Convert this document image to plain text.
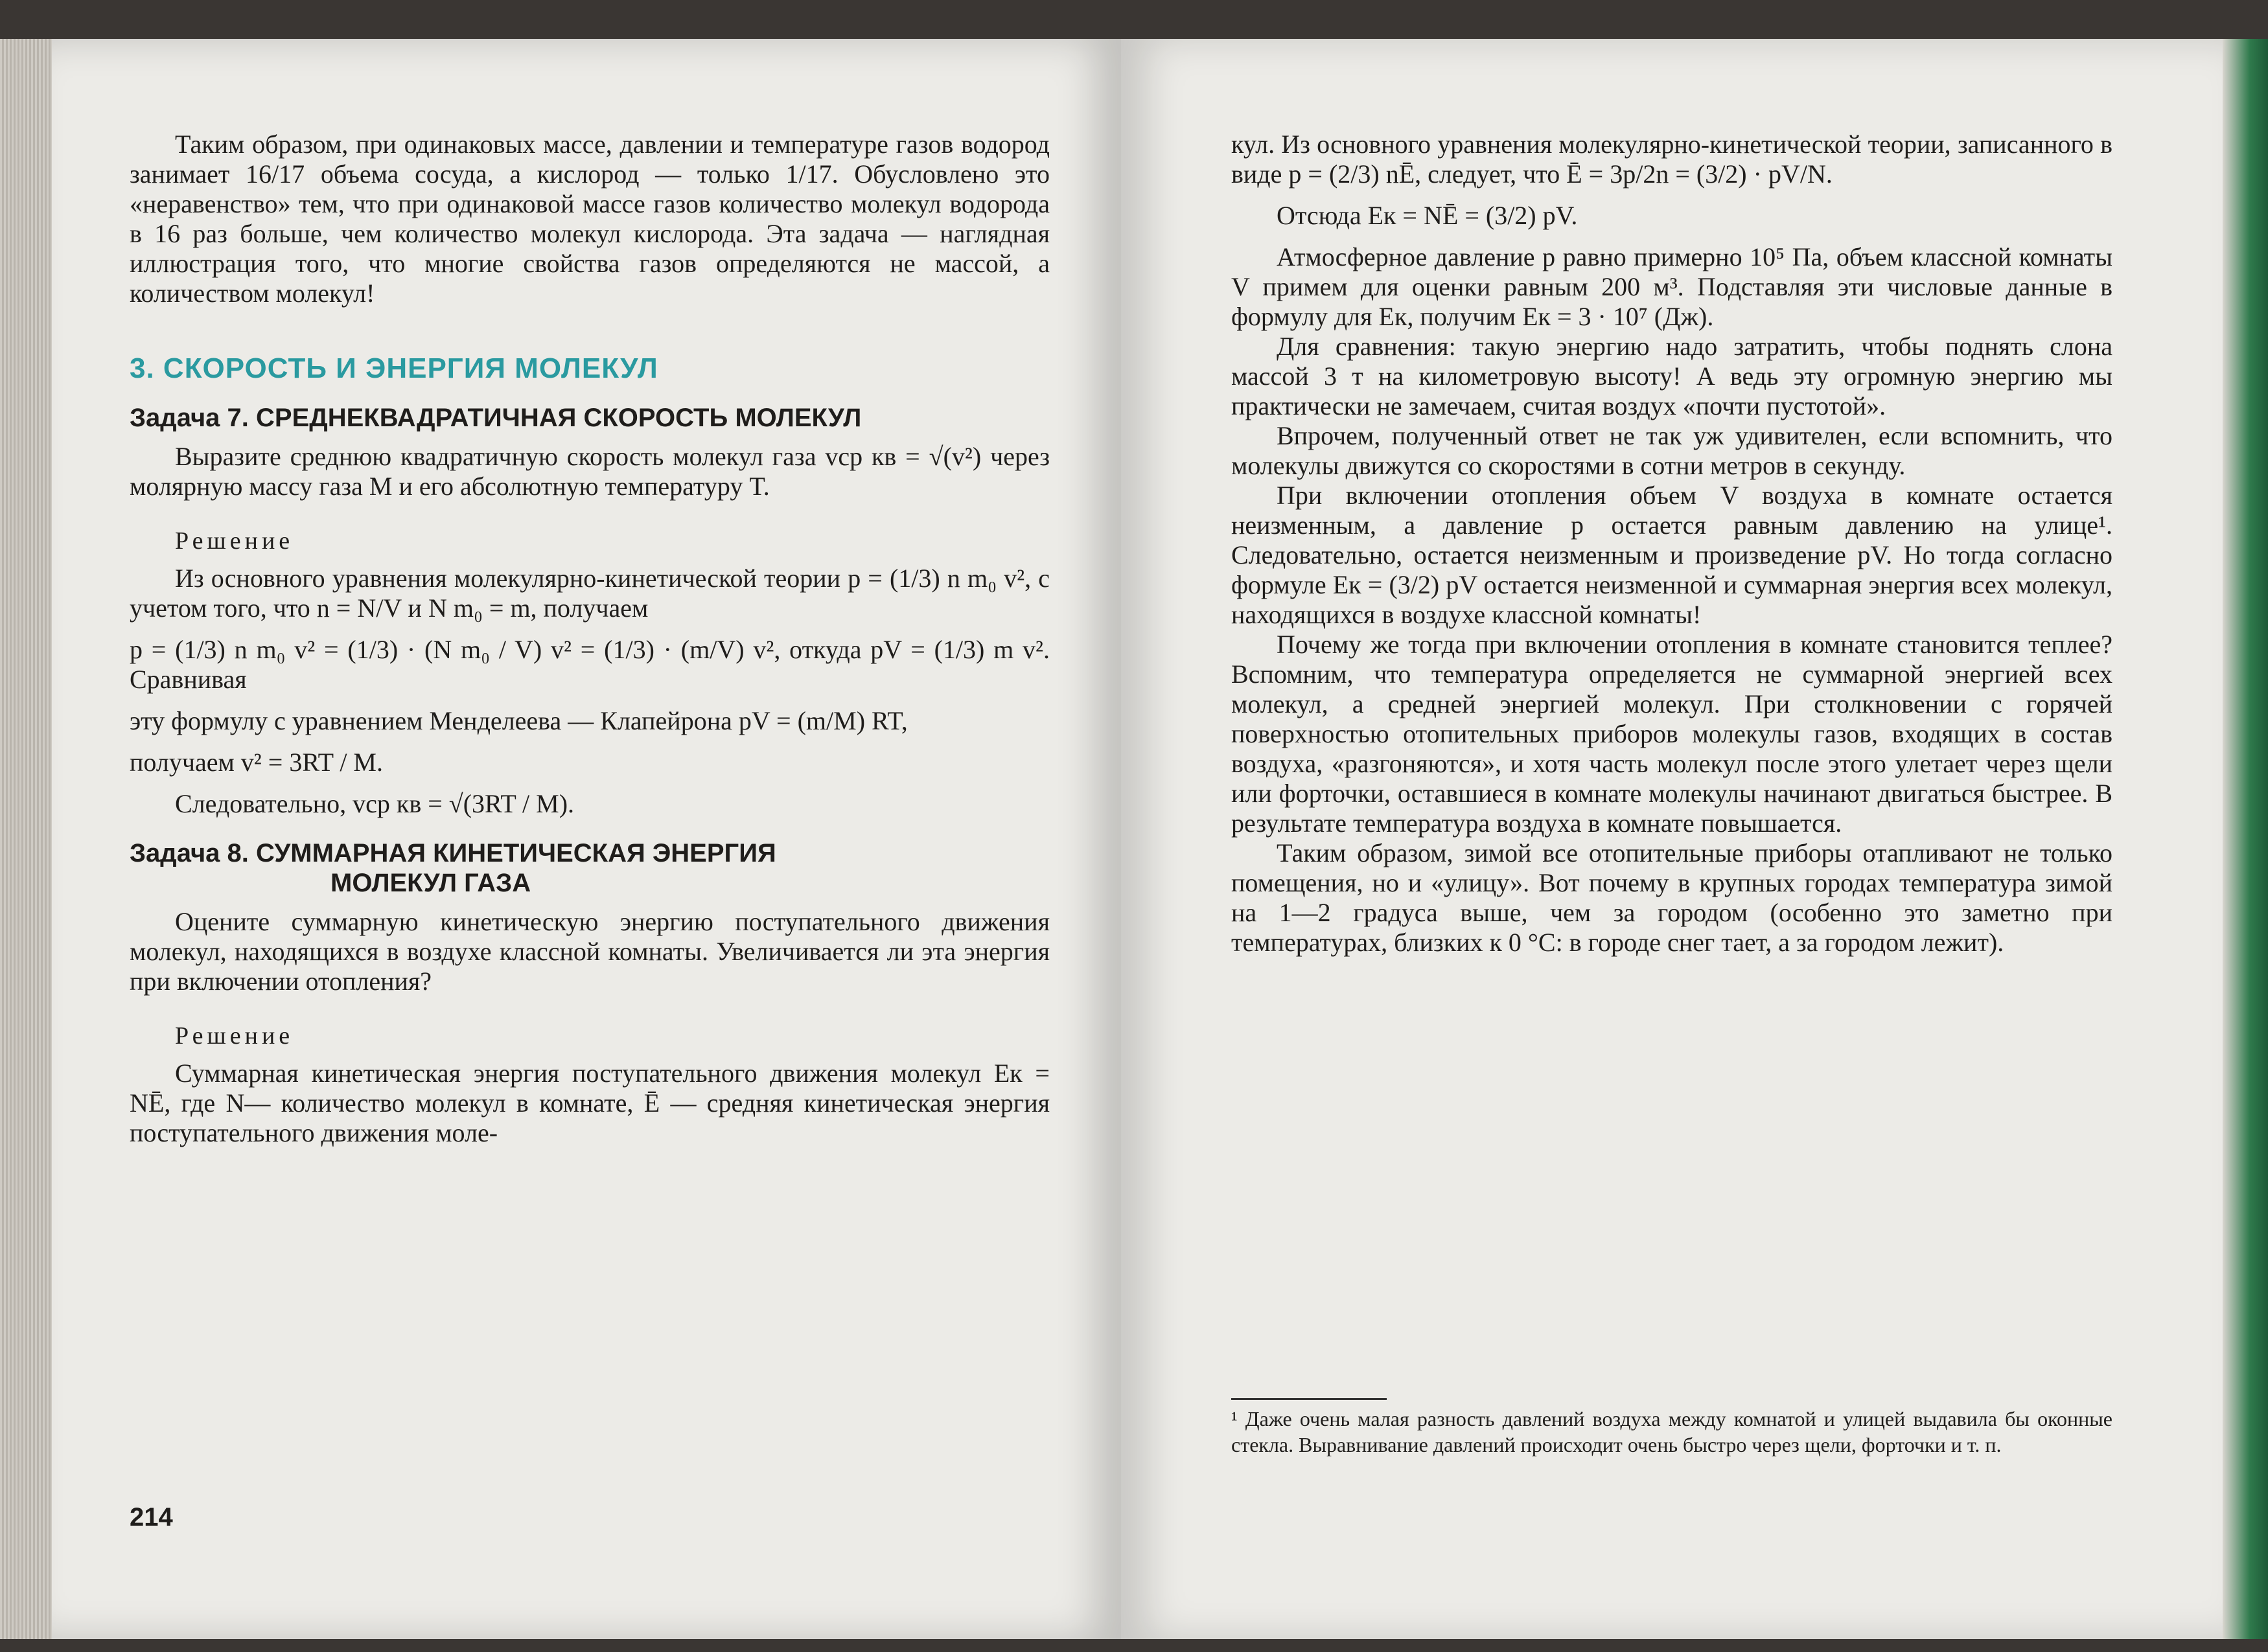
Таким образом, при одинаковых массе, давлении и температуре газов водород занимает 16/17 объема сосуда, а кислород — только 1/17. Обусловлено это «неравенство» тем, что при одинаковой массе газов количество молекул водорода в 16 раз больше, чем количество молекул кислорода. Эта задача — наглядная иллюстрация того, что многие свойства газов определяются не массой, а количеством молекул!

3. СКОРОСТЬ И ЭНЕРГИЯ МОЛЕКУЛ
Задача 7. СРЕДНЕКВАДРАТИЧНАЯ СКОРОСТЬ МОЛЕКУЛ

Выразите среднюю квадратичную скорость молекул газа vср кв = √(v²) через молярную массу газа M и его абсолютную температуру T.

Решение

Из основного уравнения молекулярно-кинетической теории p = (1/3) n m₀ v², с учетом того, что n = N/V и N m₀ = m, получаем

p = (1/3) n m₀ v² = (1/3) · (N m₀ / V) v² = (1/3) · (m/V) v², откуда pV = (1/3) m v². Сравнивая

эту формулу с уравнением Менделеева — Клапейрона pV = (m/M) RT,

получаем v² = 3RT / M.

Следовательно, vср кв = √(3RT / M).

Задача 8. СУММАРНАЯ КИНЕТИЧЕСКАЯ ЭНЕРГИЯ
МОЛЕКУЛ ГАЗА

Оцените суммарную кинетическую энергию поступательного движения молекул, находящихся в воздухе классной комнаты. Увеличивается ли эта энергия при включении отопления?

Решение

Суммарная кинетическая энергия поступательного движения молекул Eк = NĒ, где N— количество молекул в комнате, Ē — средняя кинетическая энергия поступательного движения моле-

214

кул. Из основного уравнения молекулярно-кинетической теории, записанного в виде p = (2/3) nĒ, следует, что Ē = 3p/2n = (3/2) · pV/N.

Отсюда Eк = NĒ = (3/2) pV.

Атмосферное давление p равно примерно 10⁵ Па, объем классной комнаты V примем для оценки равным 200 м³. Подставляя эти числовые данные в формулу для Eк, получим Eк = 3 · 10⁷ (Дж).

Для сравнения: такую энергию надо затратить, чтобы поднять слона массой 3 т на километровую высоту! А ведь эту огромную энергию мы практически не замечаем, считая воздух «почти пустотой».

Впрочем, полученный ответ не так уж удивителен, если вспомнить, что молекулы движутся со скоростями в сотни метров в секунду.

При включении отопления объем V воздуха в комнате остается неизменным, а давление p остается равным давлению на улице¹. Следовательно, остается неизменным и произведение pV. Но тогда согласно формуле Eк = (3/2) pV остается неизменной и суммарная энергия всех молекул, находящихся в воздухе классной комнаты!

Почему же тогда при включении отопления в комнате становится теплее? Вспомним, что температура определяется не суммарной энергией всех молекул, а средней энергией молекул. При столкновении с горячей поверхностью отопительных приборов молекулы газов, входящих в состав воздуха, «разгоняются», и хотя часть молекул после этого улетает через щели или форточки, оставшиеся в комнате молекулы начинают двигаться быстрее. В результате температура воздуха в комнате повышается.

Таким образом, зимой все отопительные приборы отапливают не только помещения, но и «улицу». Вот почему в крупных городах температура зимой на 1—2 градуса выше, чем за городом (особенно это заметно при температурах, близких к 0 °С: в городе снег тает, а за городом лежит).

¹ Даже очень малая разность давлений воздуха между комнатой и улицей выдавила бы оконные стекла. Выравнивание давлений происходит очень быстро через щели, форточки и т. п.
